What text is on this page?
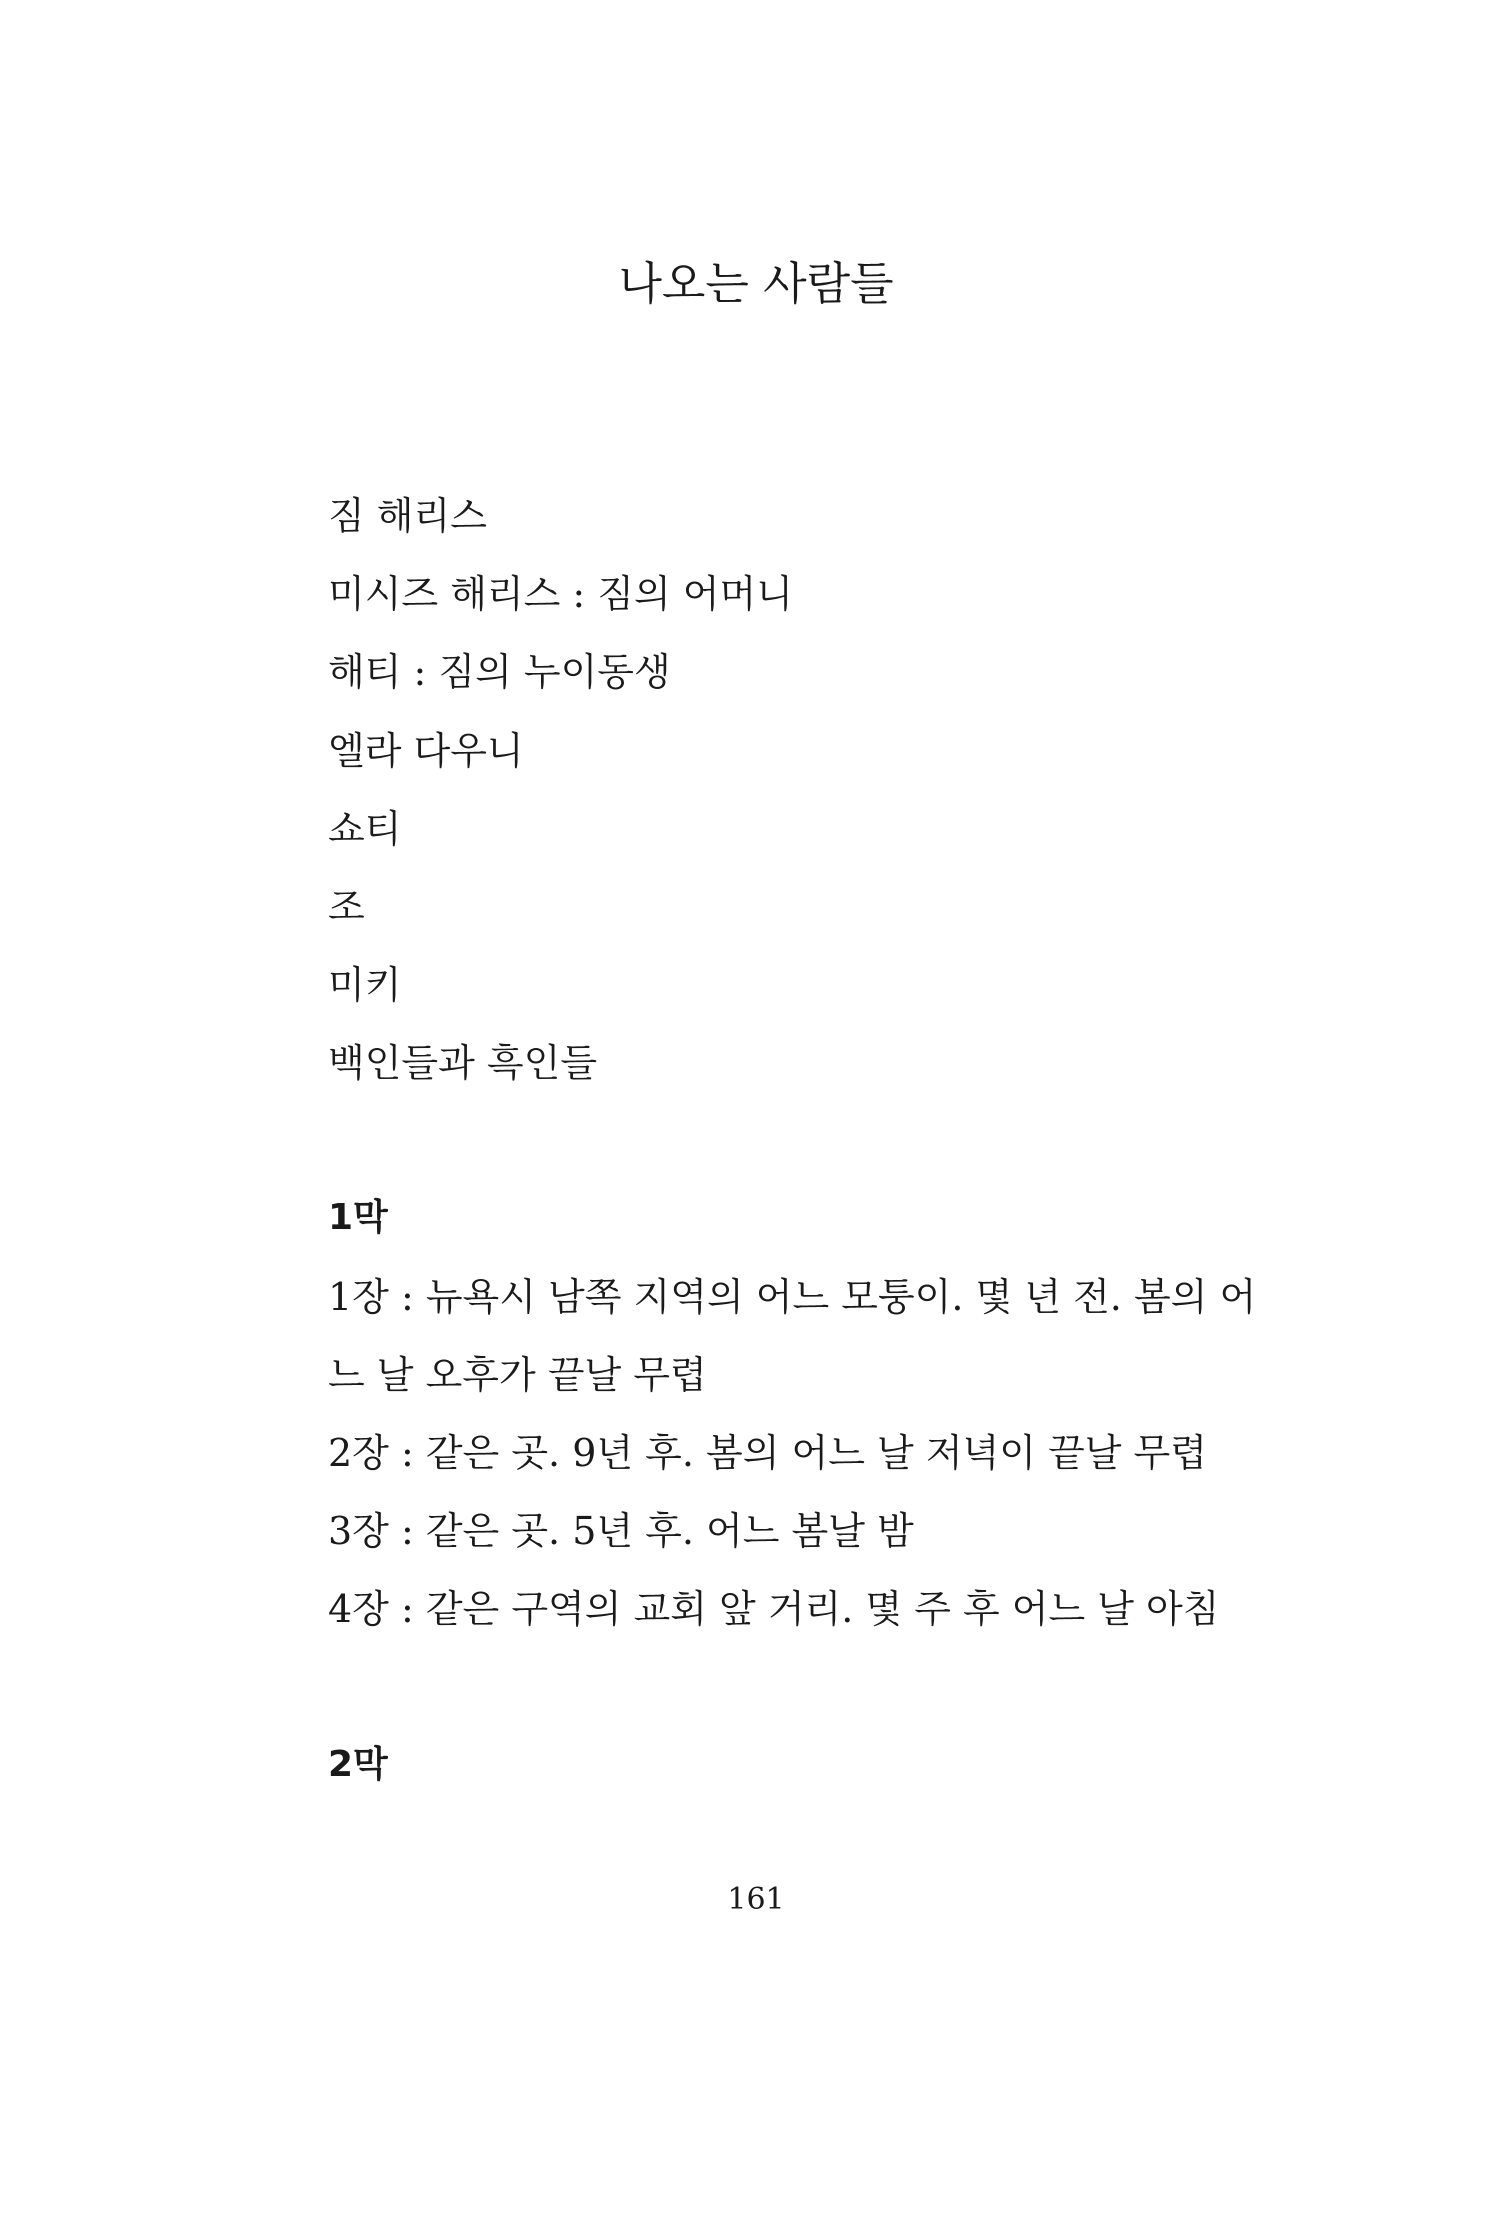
나오는 사람들

짐 해리스

미시즈 해리스 : 짐의 어머니

해티 : 짐의 누이동생

엘라 다우니

쇼티

조

미키

백인들과 흑인들

1막

1장 : 뉴욕시 남쪽 지역의 어느 모퉁이. 몇 년 전. 봄의 어

느 날 오후가 끝날 무렵

2장 : 같은 곳. 9년 후. 봄의 어느 날 저녁이 끝날 무렵

3장 : 같은 곳. 5년 후. 어느 봄날 밤

4장 : 같은 구역의 교회 앞 거리. 몇 주 후 어느 날 아침

2막
161
